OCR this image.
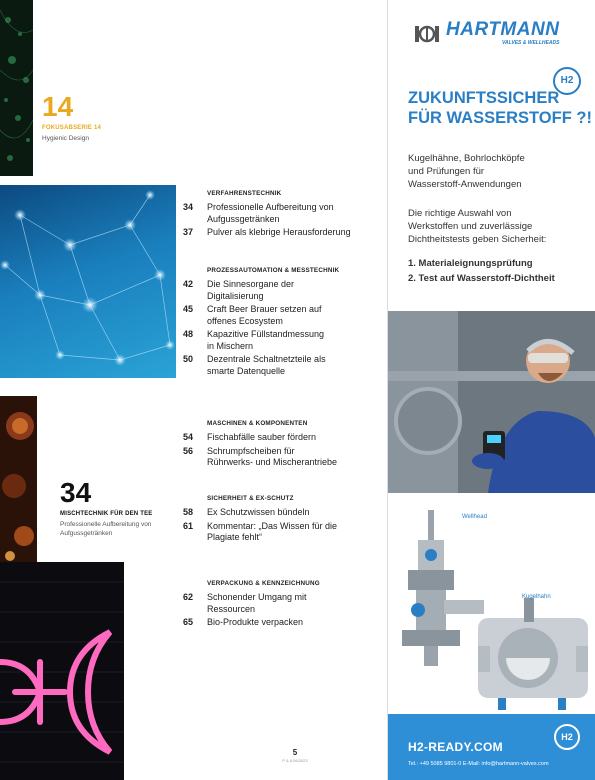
14
FOKUSABSERIE 14
Hygienic Design
34
MISCHTECHNIK FÜR DEN TEE
Professionelle Aufbereitung von
Aufgussgetränken
VERFAHRENSTECHNIK
34	Professionelle Aufbereitung von
Aufgussgetränken
37	Pulver als klebrige Herausforderung
PROZESSAUTOMATION & MESSTECHNIK
42	Die Sinnesorgane der
Digitalisierung
45	Craft Beer Brauer setzen auf
offenes Ecosystem
48	Kapazitive Füllstandmessung
in Mischern
50	Dezentrale Schaltnetzteile als
smarte Datenquelle
MASCHINEN & KOMPONENTEN
54	Fischabfälle sauber fördern
56	Schrumpfscheiben für
Rührwerks- und Mischerantriebe
SICHERHEIT & EX-SCHUTZ
58	Ex Schutzwissen bündeln
61	Kommentar: „Das Wissen für die
Plagiate fehlt“
VERPACKUNG & KENNZEICHNUNG
62	Schonender Umgang mit
Ressourcen
65	Bio-Produkte verpacken
5
P & A 06/2023
HARTMANN
VALVES & WELLHEADS
H2
ZUKUNFTSSICHER
FÜR WASSERSTOFF ?!
Kugelhähne, Bohrlochköpfe
und Prüfungen für
Wasserstoff-Anwendungen
Die richtige Auswahl von
Werkstoffen und zuverlässige
Dichtheitstests geben Sicherheit:
1. Materialeignungsprüfung
2. Test auf Wasserstoff-Dichtheit
Wellhead
Kugelhahn
H2-READY.COM
Tel.: +49 5085 9801-0 E-Mail: info@hartmann-valves.com
H2
